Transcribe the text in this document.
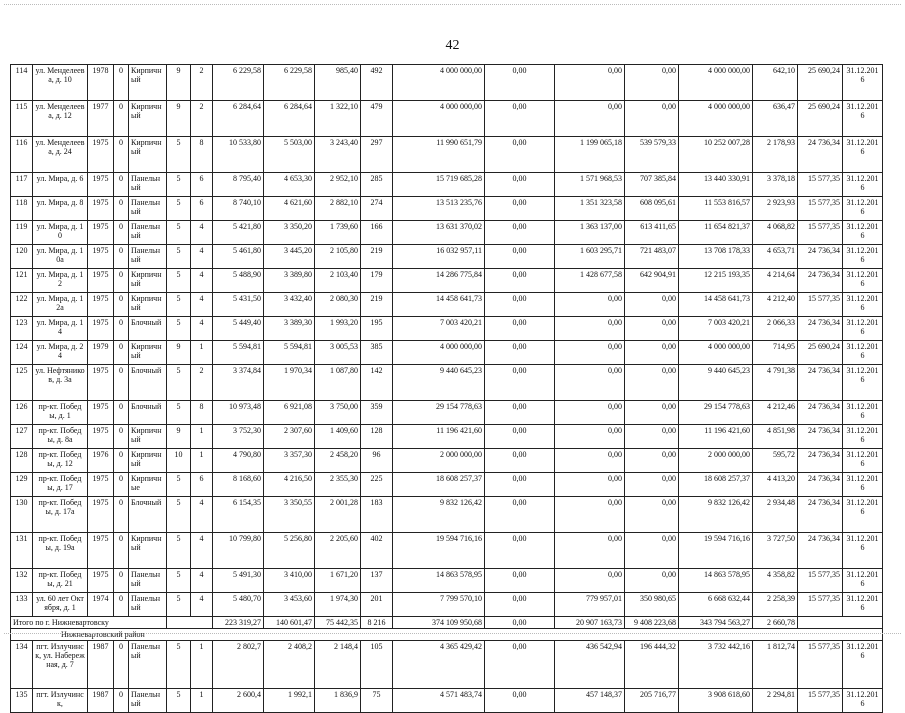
42
114	ул. Менделеева, д. 10	1978	0	Кирпичный	9	2	6 229,58	6 229,58	985,40	492	4 000 000,00	0,00	0,00	0,00	4 000 000,00	642,10	25 690,24	31.12.2016
115	ул. Менделеева, д. 12	1977	0	Кирпичный	9	2	6 284,64	6 284,64	1 322,10	479	4 000 000,00	0,00	0,00	0,00	4 000 000,00	636,47	25 690,24	31.12.2016
116	ул. Менделеева, д. 24	1975	0	Кирпичный	5	8	10 533,80	5 503,00	3 243,40	297	11 990 651,79	0,00	1 199 065,18	539 579,33	10 252 007,28	2 178,93	24 736,34	31.12.2016
117	ул. Мира, д. 6	1975	0	Панельный	5	6	8 795,40	4 653,30	2 952,10	285	15 719 685,28	0,00	1 571 968,53	707 385,84	13 440 330,91	3 378,18	15 577,35	31.12.2016
118	ул. Мира, д. 8	1975	0	Панельный	5	6	8 740,10	4 621,60	2 882,10	274	13 513 235,76	0,00	1 351 323,58	608 095,61	11 553 816,57	2 923,93	15 577,35	31.12.2016
119	ул. Мира, д. 10	1975	0	Панельный	5	4	5 421,80	3 350,20	1 739,60	166	13 631 370,02	0,00	1 363 137,00	613 411,65	11 654 821,37	4 068,82	15 577,35	31.12.2016
120	ул. Мира, д. 10а	1975	0	Панельный	5	4	5 461,80	3 445,20	2 105,80	219	16 032 957,11	0,00	1 603 295,71	721 483,07	13 708 178,33	4 653,71	24 736,34	31.12.2016
121	ул. Мира, д. 12	1975	0	Кирпичный	5	4	5 488,90	3 389,80	2 103,40	179	14 286 775,84	0,00	1 428 677,58	642 904,91	12 215 193,35	4 214,64	24 736,34	31.12.2016
122	ул. Мира, д. 12а	1975	0	Кирпичный	5	4	5 431,50	3 432,40	2 080,30	219	14 458 641,73	0,00	0,00	0,00	14 458 641,73	4 212,40	15 577,35	31.12.2016
123	ул. Мира, д. 14	1975	0	Блочный	5	4	5 449,40	3 389,30	1 993,20	195	7 003 420,21	0,00	0,00	0,00	7 003 420,21	2 066,33	24 736,34	31.12.2016
124	ул. Мира, д. 24	1979	0	Кирпичный	9	1	5 594,81	5 594,81	3 005,53	385	4 000 000,00	0,00	0,00	0,00	4 000 000,00	714,95	25 690,24	31.12.2016
125	ул. Нефтяников, д. 3а	1975	0	Блочный	5	2	3 374,84	1 970,34	1 087,80	142	9 440 645,23	0,00	0,00	0,00	9 440 645,23	4 791,38	24 736,34	31.12.2016
126	пр-кт. Победы, д. 1	1975	0	Блочный	5	8	10 973,48	6 921,08	3 750,00	359	29 154 778,63	0,00	0,00	0,00	29 154 778,63	4 212,46	24 736,34	31.12.2016
127	пр-кт. Победы, д. 8а	1975	0	Кирпичный	9	1	3 752,30	2 307,60	1 409,60	128	11 196 421,60	0,00	0,00	0,00	11 196 421,60	4 851,98	24 736,34	31.12.2016
128	пр-кт. Победы, д. 12	1976	0	Кирпичный	10	1	4 790,80	3 357,30	2 458,20	96	2 000 000,00	0,00	0,00	0,00	2 000 000,00	595,72	24 736,34	31.12.2016
129	пр-кт. Победы, д. 17	1975	0	Кирпичные	5	6	8 168,60	4 216,50	2 355,30	225	18 608 257,37	0,00	0,00	0,00	18 608 257,37	4 413,20	24 736,34	31.12.2016
130	пр-кт. Победы, д. 17а	1975	0	Блочный	5	4	6 154,35	3 350,55	2 001,28	183	9 832 126,42	0,00	0,00	0,00	9 832 126,42	2 934,48	24 736,34	31.12.2016
131	пр-кт. Победы, д. 19а	1975	0	Кирпичный	5	4	10 799,80	5 256,80	2 205,60	402	19 594 716,16	0,00	0,00	0,00	19 594 716,16	3 727,50	24 736,34	31.12.2016
132	пр-кт. Победы, д. 21	1975	0	Панельный	5	4	5 491,30	3 410,00	1 671,20	137	14 863 578,95	0,00	0,00	0,00	14 863 578,95	4 358,82	15 577,35	31.12.2016
133	ул. 60 лет Октября, д. 1	1974	0	Панельный	5	4	5 480,70	3 453,60	1 974,30	201	7 799 570,10	0,00	779 957,01	350 980,65	6 668 632,44	2 258,39	15 577,35	31.12.2016
Итого по г. Нижневартовску							223 319,27	140 601,47	75 442,35	8 216	374 109 950,68	0,00	20 907 163,73	9 408 223,68	343 794 563,27	2 660,78		
Нижневартовский район																		
134	пгт. Излучинск, ул. Набережная, д. 7	1987	0	Панельный	5	1	2 802,7	2 408,2	2 148,4	105	4 365 429,42	0,00	436 542,94	196 444,32	3 732 442,16	1 812,74	15 577,35	31.12.2016
135	пгт. Излучинск,	1987	0	Панельный	5	1	2 600,4	1 992,1	1 836,9	75	4 571 483,74	0,00	457 148,37	205 716,77	3 908 618,60	2 294,81	15 577,35	31.12.2016
